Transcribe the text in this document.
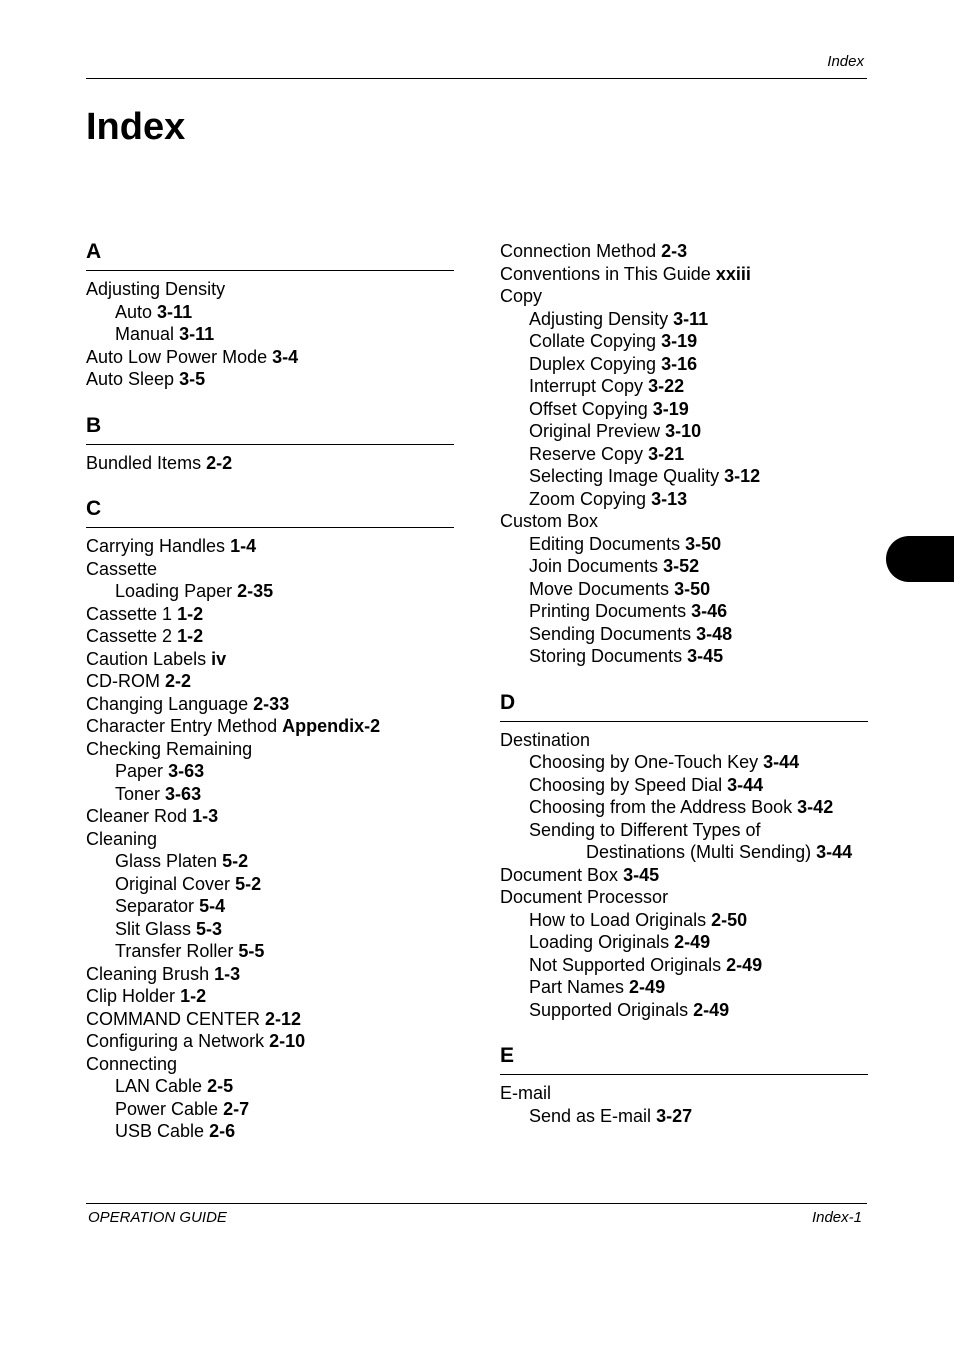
Index
Index
A
Adjusting Density
Auto 3-11
Manual 3-11
Auto Low Power Mode 3-4
Auto Sleep 3-5
B
Bundled Items 2-2
C
Carrying Handles 1-4
Cassette
Loading Paper 2-35
Cassette 1 1-2
Cassette 2 1-2
Caution Labels iv
CD-ROM 2-2
Changing Language 2-33
Character Entry Method Appendix-2
Checking Remaining
Paper 3-63
Toner 3-63
Cleaner Rod 1-3
Cleaning
Glass Platen 5-2
Original Cover 5-2
Separator 5-4
Slit Glass 5-3
Transfer Roller 5-5
Cleaning Brush 1-3
Clip Holder 1-2
COMMAND CENTER 2-12
Configuring a Network 2-10
Connecting
LAN Cable 2-5
Power Cable 2-7
USB Cable 2-6
Connection Method 2-3
Conventions in This Guide xxiii
Copy
Adjusting Density 3-11
Collate Copying 3-19
Duplex Copying 3-16
Interrupt Copy 3-22
Offset Copying 3-19
Original Preview 3-10
Reserve Copy 3-21
Selecting Image Quality 3-12
Zoom Copying 3-13
Custom Box
Editing Documents 3-50
Join Documents 3-52
Move Documents 3-50
Printing Documents 3-46
Sending Documents 3-48
Storing Documents 3-45
D
Destination
Choosing by One-Touch Key 3-44
Choosing by Speed Dial 3-44
Choosing from the Address Book 3-42
Sending to Different Types of
Destinations (Multi Sending) 3-44
Document Box 3-45
Document Processor
How to Load Originals 2-50
Loading Originals 2-49
Not Supported Originals 2-49
Part Names 2-49
Supported Originals 2-49
E
E-mail
Send as E-mail 3-27
OPERATION GUIDE	Index-1
